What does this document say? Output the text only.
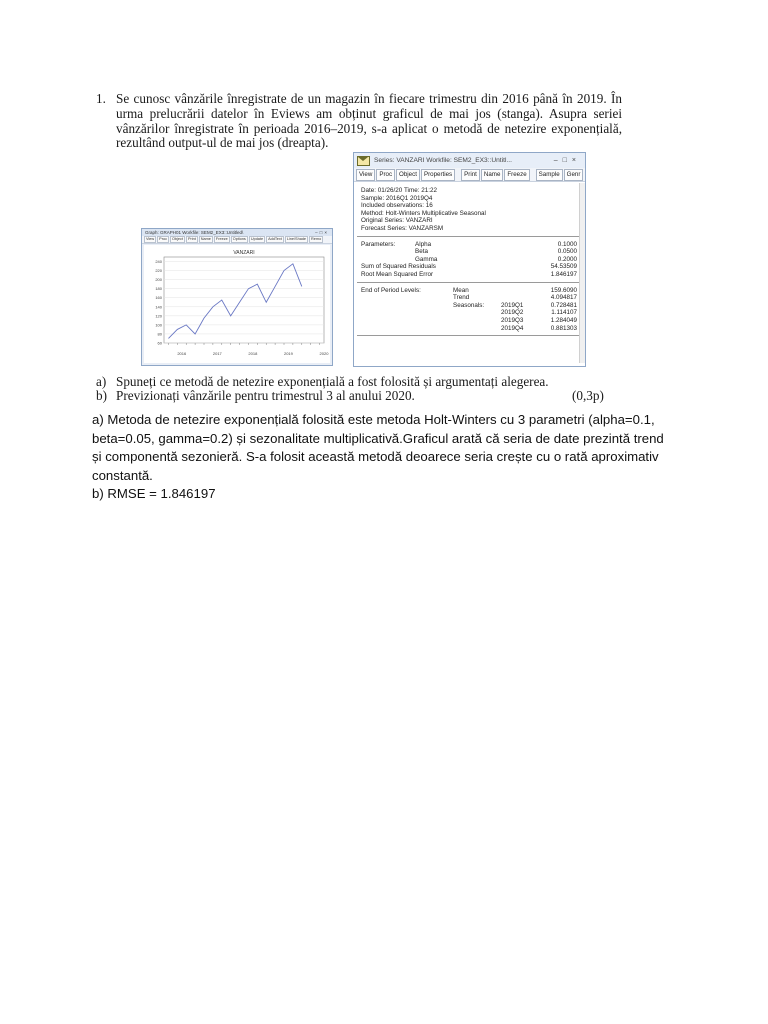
1. Se cunosc vânzările înregistrate de un magazin în fiecare trimestru din 2016 până în 2019. În urma prelucrării datelor în Eviews am obținut graficul de mai jos (stanga). Asupra seriei vânzărilor înregistrate în perioada 2016–2019, s-a aplicat o metodă de netezire exponențială, rezultând output-ul de mai jos (dreapta).
Graph: GRAPH01 Workfile: SEM2_EX3::Untitled\	–□×
View	Proc	Object	Print	Name	Freeze	Options	Update	AddText	Line/Shade	Remo
VANZARI
240
220
200
180
160
140
120
100
80
60
2016	2017	2018	2019	2020
Series: VANZARI Workfile: SEM2_EX3::Untitl...	–□×
View	Proc	Object	Properties	Print	Name	Freeze	Sample	Genr
Date: 01/26/20 Time: 21:22
Sample: 2016Q1 2019Q4
Included observations: 16
Method: Holt-Winters Multiplicative Seasonal
Original Series: VANZARI
Forecast Series: VANZARSM
Parameters:	Alpha	0.1000
Beta	0.0500
Gamma	0.2000
Sum of Squared Residuals	54.53509
Root Mean Squared Error	1.846197
End of Period Levels:	Mean	159.6090
Trend	4.094817
Seasonals:	2019Q1	0.728481
2019Q2	1.114107
2019Q3	1.284049
2019Q4	0.881303
a) Spuneți ce metodă de netezire exponențială a fost folosită și argumentați alegerea.
b) Previzionați vânzările pentru trimestrul 3 al anului 2020.	(0,3p)

a) Metoda de netezire exponențială folosită este metoda Holt-Winters cu 3 parametri (alpha=0.1, beta=0.05, gamma=0.2) și sezonalitate multiplicativă.Graficul arată că seria de date prezintă trend și componentă sezonieră. S-a folosit această metodă deoarece seria crește cu o rată aproximativ constantă.

b) RMSE = 1.846197
